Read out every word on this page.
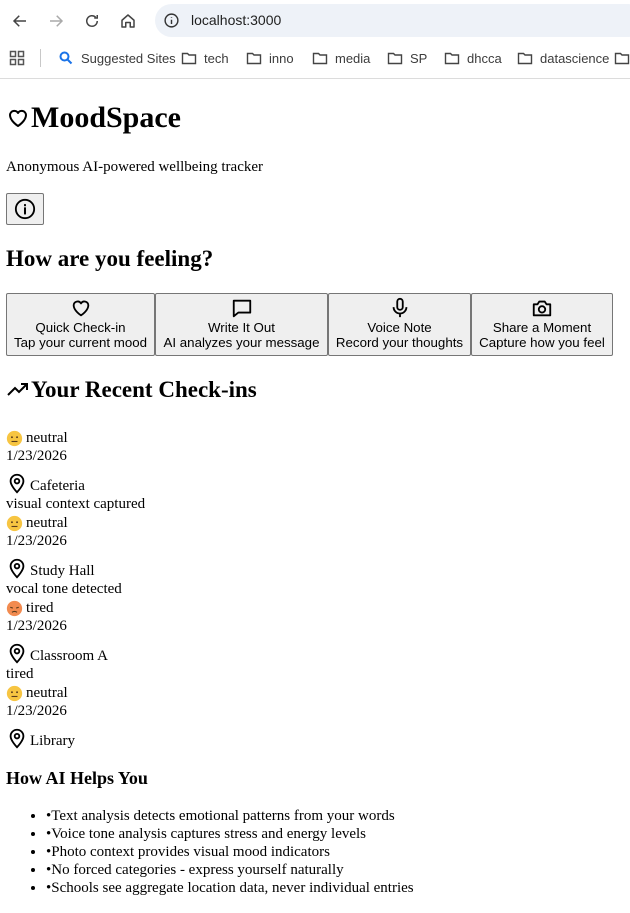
localhost:3000
Suggested Sites tech	inno	media	SP	dhcca	datascience
MoodSpace
Anonymous AI-powered wellbeing tracker
How are you feeling?
Quick Check-in
Tap your current mood
Write It Out
AI analyzes your message
Voice Note
Record your thoughts
Share a Moment
Capture how you feel
Your Recent Check-ins
neutral
1/23/2026
Cafeteria
visual context captured
neutral
1/23/2026
Study Hall
vocal tone detected
tired
1/23/2026
Classroom A
tired
neutral
1/23/2026
Library
How AI Helps You
• •Text analysis detects emotional patterns from your words
• •Voice tone analysis captures stress and energy levels
• •Photo context provides visual mood indicators
• •No forced categories - express yourself naturally
• •Schools see aggregate location data, never individual entries
